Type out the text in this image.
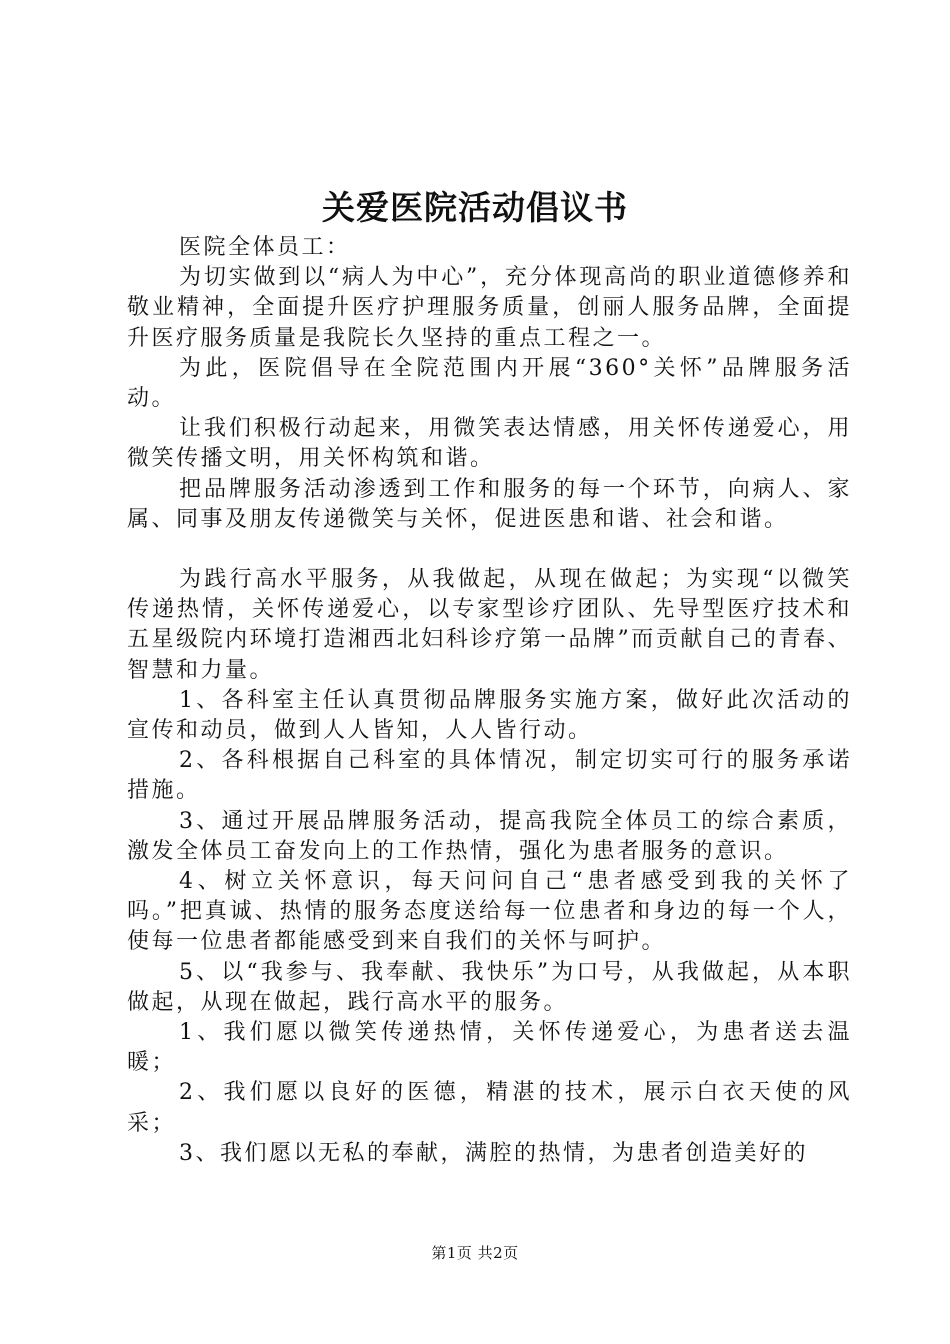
关爱医院活动倡议书

医院全体员工：

为切实做到以“病人为中心”，充分体现高尚的职业道德修养和敬业精神，全面提升医疗护理服务质量，创丽人服务品牌，全面提升医疗服务质量是我院长久坚持的重点工程之一。

为此，医院倡导在全院范围内开展“360°关怀”品牌服务活动。

让我们积极行动起来，用微笑表达情感，用关怀传递爱心，用微笑传播文明，用关怀构筑和谐。

把品牌服务活动渗透到工作和服务的每一个环节，向病人、家属、同事及朋友传递微笑与关怀，促进医患和谐、社会和谐。

为践行高水平服务，从我做起，从现在做起；为实现“以微笑传递热情，关怀传递爱心，以专家型诊疗团队、先导型医疗技术和五星级院内环境打造湘西北妇科诊疗第一品牌”而贡献自己的青春、智慧和力量。

1、各科室主任认真贯彻品牌服务实施方案，做好此次活动的宣传和动员，做到人人皆知，人人皆行动。

2、各科根据自己科室的具体情况，制定切实可行的服务承诺措施。

3、通过开展品牌服务活动，提高我院全体员工的综合素质，激发全体员工奋发向上的工作热情，强化为患者服务的意识。

4、树立关怀意识，每天问问自己“患者感受到我的关怀了吗。”把真诚、热情的服务态度送给每一位患者和身边的每一个人，使每一位患者都能感受到来自我们的关怀与呵护。

5、以“我参与、我奉献、我快乐”为口号，从我做起，从本职做起，从现在做起，践行高水平的服务。

1、我们愿以微笑传递热情，关怀传递爱心，为患者送去温暖；

2、我们愿以良好的医德，精湛的技术，展示白衣天使的风采；

3、我们愿以无私的奉献，满腔的热情，为患者创造美好的

第1页 共2页
